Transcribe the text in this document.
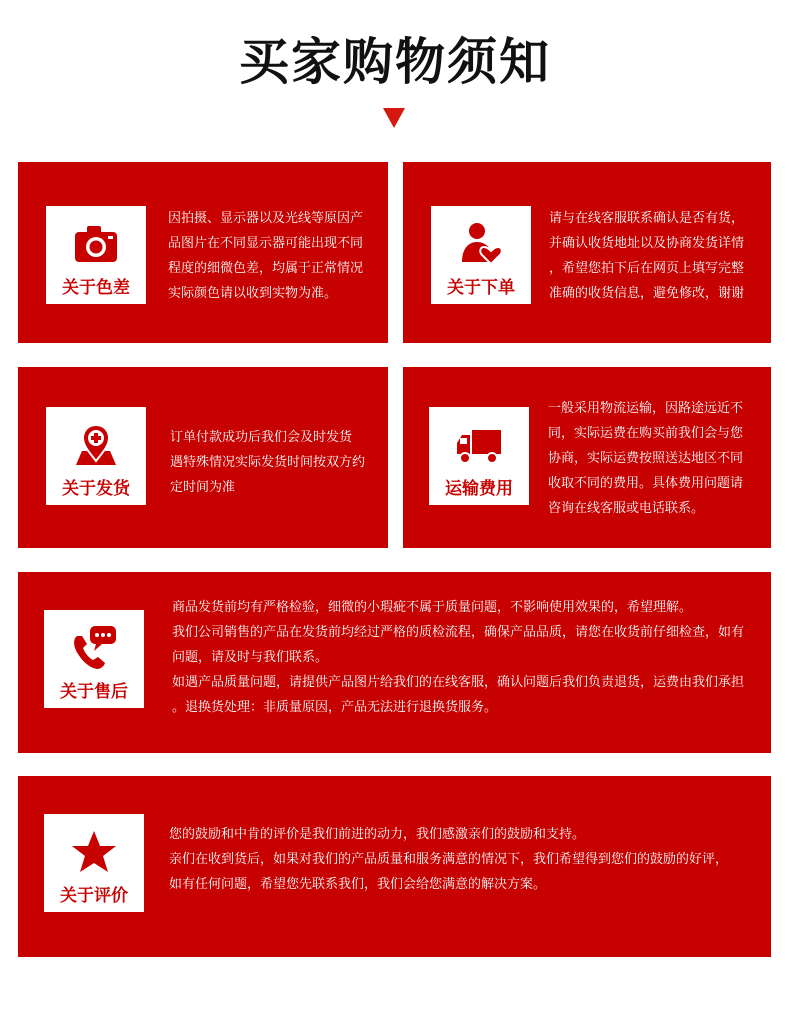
买家购物须知
关于色差

因拍摄、显示器以及光线等原因产

品图片在不同显示器可能出现不同

程度的细微色差，均属于正常情况

实际颜色请以收到实物为准。	关于下单

请与在线客服联系确认是否有货，

并确认收货地址以及协商发货详情

，希望您拍下后在网页上填写完整

准确的收货信息，避免修改，谢谢

关于发货

订单付款成功后我们会及时发货

遇特殊情况实际发货时间按双方约

定时间为准	运输费用

一般采用物流运输，因路途远近不

同，实际运费在购买前我们会与您

协商，实际运费按照送达地区不同

收取不同的费用。具体费用问题请

咨询在线客服或电话联系。

关于售后

商品发货前均有严格检验，细微的小瑕疵不属于质量问题，不影响使用效果的，希望理解。

我们公司销售的产品在发货前均经过严格的质检流程，确保产品品质，请您在收货前仔细检查，如有

问题，请及时与我们联系。

如遇产品质量问题，请提供产品图片给我们的在线客服，确认问题后我们负责退货，运费由我们承担

。退换货处理：非质量原因，产品无法进行退换货服务。

关于评价

您的鼓励和中肯的评价是我们前进的动力，我们感激亲们的鼓励和支持。

亲们在收到货后，如果对我们的产品质量和服务满意的情况下，我们希望得到您们的鼓励的好评，

如有任何问题，希望您先联系我们，我们会给您满意的解决方案。
